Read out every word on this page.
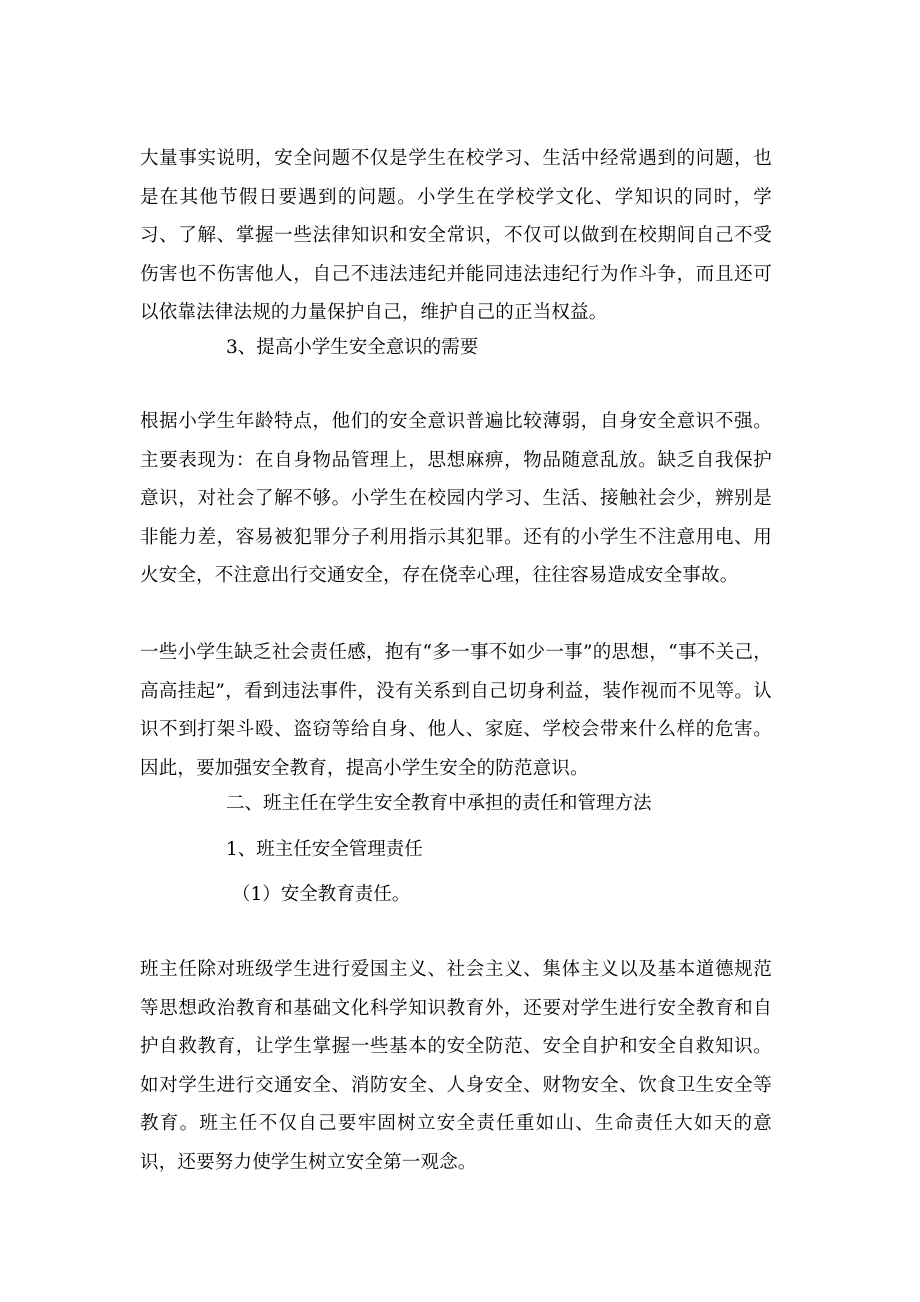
大量事实说明，安全问题不仅是学生在校学习、生活中经常遇到的问题，也是在其他节假日要遇到的问题。小学生在学校学文化、学知识的同时，学习、了解、掌握一些法律知识和安全常识，不仅可以做到在校期间自己不受伤害也不伤害他人，自己不违法违纪并能同违法违纪行为作斗争，而且还可以依靠法律法规的力量保护自己，维护自己的正当权益。

3、提高小学生安全意识的需要

根据小学生年龄特点，他们的安全意识普遍比较薄弱，自身安全意识不强。主要表现为：在自身物品管理上，思想麻痹，物品随意乱放。缺乏自我保护意识，对社会了解不够。小学生在校园内学习、生活、接触社会少，辨别是非能力差，容易被犯罪分子利用指示其犯罪。还有的小学生不注意用电、用火安全，不注意出行交通安全，存在侥幸心理，往往容易造成安全事故。

一些小学生缺乏社会责任感，抱有“多一事不如少一事”的思想，“事不关己，高高挂起”，看到违法事件，没有关系到自己切身利益，装作视而不见等。认识不到打架斗殴、盗窃等给自身、他人、家庭、学校会带来什么样的危害。因此，要加强安全教育，提高小学生安全的防范意识。

二、班主任在学生安全教育中承担的责任和管理方法

1、班主任安全管理责任

（1）安全教育责任。

班主任除对班级学生进行爱国主义、社会主义、集体主义以及基本道德规范等思想政治教育和基础文化科学知识教育外，还要对学生进行安全教育和自护自救教育，让学生掌握一些基本的安全防范、安全自护和安全自救知识。如对学生进行交通安全、消防安全、人身安全、财物安全、饮食卫生安全等教育。班主任不仅自己要牢固树立安全责任重如山、生命责任大如天的意识，还要努力使学生树立安全第一观念。
